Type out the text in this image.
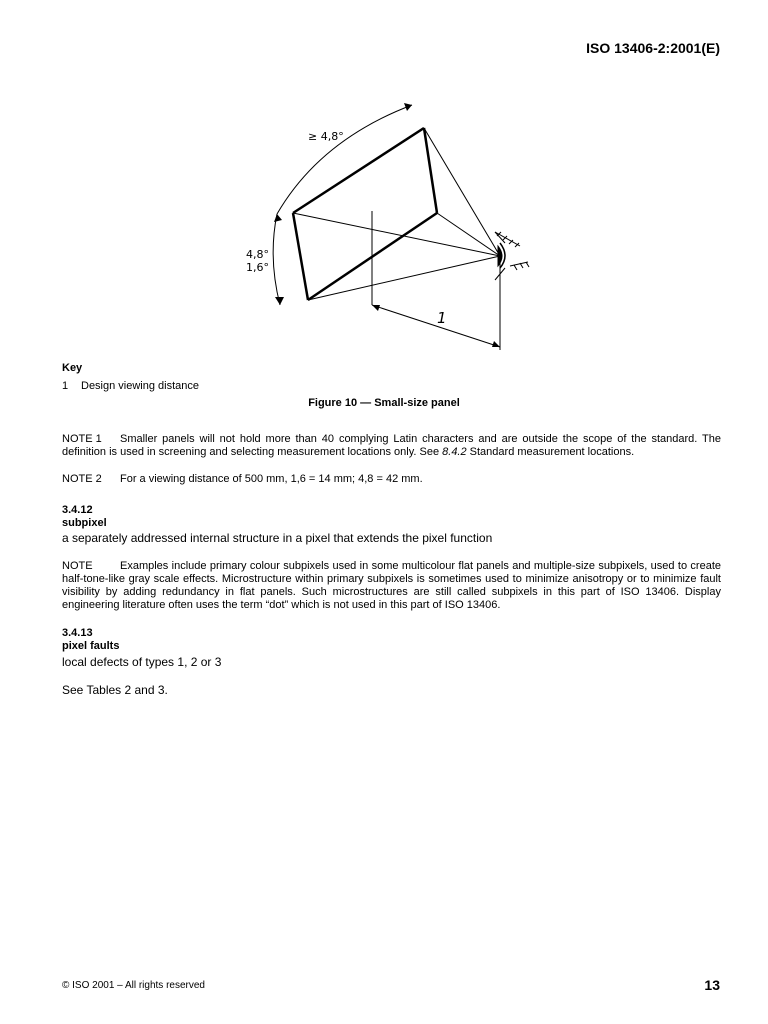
ISO 13406-2:2001(E)
≥ 4,8°
4,8°
1,6°
1
Key
1 Design viewing distance
Figure 10 — Small-size panel
NOTE 1 Smaller panels will not hold more than 40 complying Latin characters and are outside the scope of the standard. The definition is used in screening and selecting measurement locations only. See 8.4.2 Standard measurement locations.
NOTE 2 For a viewing distance of 500 mm, 1,6 = 14 mm; 4,8 = 42 mm.
3.4.12
subpixel
a separately addressed internal structure in a pixel that extends the pixel function
NOTE Examples include primary colour subpixels used in some multicolour flat panels and multiple-size subpixels, used to create half-tone-like gray scale effects. Microstructure within primary subpixels is sometimes used to minimize anisotropy or to minimize fault visibility by adding redundancy in flat panels. Such microstructures are still called subpixels in this part of ISO 13406. Display engineering literature often uses the term “dot” which is not used in this part of ISO 13406.
3.4.13
pixel faults
local defects of types 1, 2 or 3
See Tables 2 and 3.
© ISO 2001 – All rights reserved	13
